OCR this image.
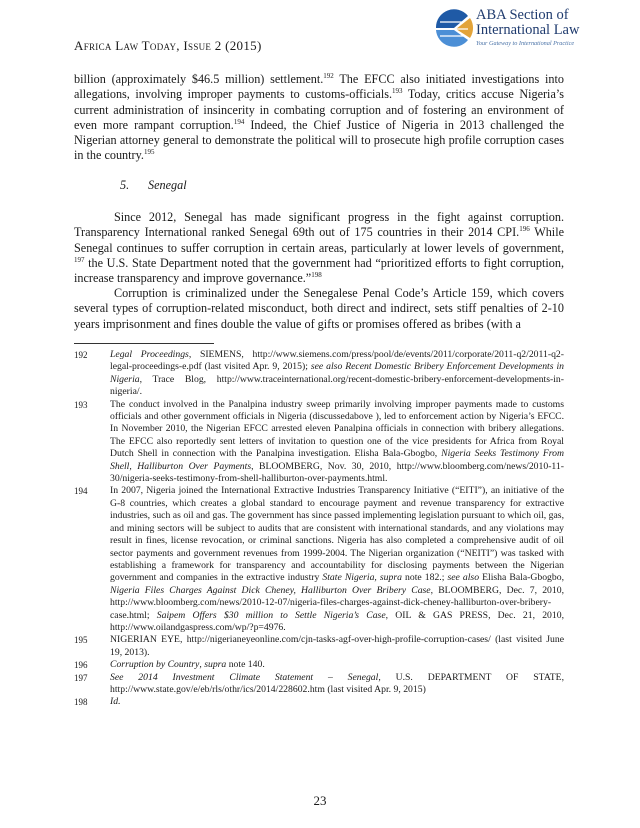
Africa Law Today, Issue 2 (2015)
ABA Section of
International Law
Your Gateway to International Practice

billion (approximately $46.5 million) settlement.$^{192}$ The EFCC also initiated investigations into allegations, involving improper payments to customs-officials.$^{193}$ Today, critics accuse Nigeria’s current administration of insincerity in combating corruption and of fostering an environment of even more rampant corruption.$^{194}$ Indeed, the Chief Justice of Nigeria in 2013 challenged the Nigerian attorney general to demonstrate the political will to prosecute high profile corruption cases in the country.$^{195}$

5. Senegal

Since 2012, Senegal has made significant progress in the fight against corruption. Transparency International ranked Senegal 69th out of 175 countries in their 2014 CPI.$^{196}$ While Senegal continues to suffer corruption in certain areas, particularly at lower levels of government, $^{197}$ the U.S. State Department noted that the government had “prioritized efforts to fight corruption, increase transparency and improve governance.”$^{198}$

Corruption is criminalized under the Senegalese Penal Code’s Article 159, which covers several types of corruption-related misconduct, both direct and indirect, sets stiff penalties of 2-10 years imprisonment and fines double the value of gifts or promises offered as bribes (with a

192	Legal Proceedings, SIEMENS, http://www.siemens.com/press/pool/de/events/2011/corporate/2011-q2/2011-q2-legal-proceedings-e.pdf (last visited Apr. 9, 2015); see also Recent Domestic Bribery Enforcement Developments in Nigeria, Trace Blog, http://www.traceinternational.org/recent-domestic-bribery-enforcement-developments-in-nigeria/.
193	The conduct involved in the Panalpina industry sweep primarily involving improper payments made to customs officials and other government officials in Nigeria (discussedabove ), led to enforcement action by Nigeria’s EFCC. In November 2010, the Nigerian EFCC arrested eleven Panalpina officials in connection with bribery allegations. The EFCC also reportedly sent letters of invitation to question one of the vice presidents for Africa from Royal Dutch Shell in connection with the Panalpina investigation. Elisha Bala-Gbogbo, Nigeria Seeks Testimony From Shell, Halliburton Over Payments, BLOOMBERG, Nov. 30, 2010, http://www.bloomberg.com/news/2010-11-30/nigeria-seeks-testimony-from-shell-halliburton-over-payments.html.
194	In 2007, Nigeria joined the International Extractive Industries Transparency Initiative (“EITI”), an initiative of the G-8 countries, which creates a global standard to encourage payment and revenue transparency for extractive industries, such as oil and gas. The government has since passed implementing legislation pursuant to which oil, gas, and mining sectors will be subject to audits that are consistent with international standards, and any violations may result in fines, license revocation, or criminal sanctions. Nigeria has also completed a comprehensive audit of oil sector payments and government revenues from 1999-2004. The Nigerian organization (“NEITI”) was tasked with establishing a framework for transparency and accountability for disclosing payments between the Nigerian government and companies in the extractive industry State Nigeria, supra note 182.; see also Elisha Bala-Gbogbo, Nigeria Files Charges Against Dick Cheney, Halliburton Over Bribery Case, BLOOMBERG, Dec. 7, 2010, http://www.bloomberg.com/news/2010-12-07/nigeria-files-charges-against-dick-cheney-halliburton-over-bribery-case.html; Saipem Offers $30 million to Settle Nigeria’s Case, OIL & GAS PRESS, Dec. 21, 2010, http://www.oilandgaspress.com/wp/?p=4976.
195	NIGERIAN EYE, http://nigerianeyeonline.com/cjn-tasks-agf-over-high-profile-corruption-cases/ (last visited June 19, 2013).
196	Corruption by Country, supra note 140.
197	See 2014 Investment Climate Statement – Senegal, U.S. DEPARTMENT OF STATE, http://www.state.gov/e/eb/rls/othr/ics/2014/228602.htm (last visited Apr. 9, 2015)
198	Id.
23
